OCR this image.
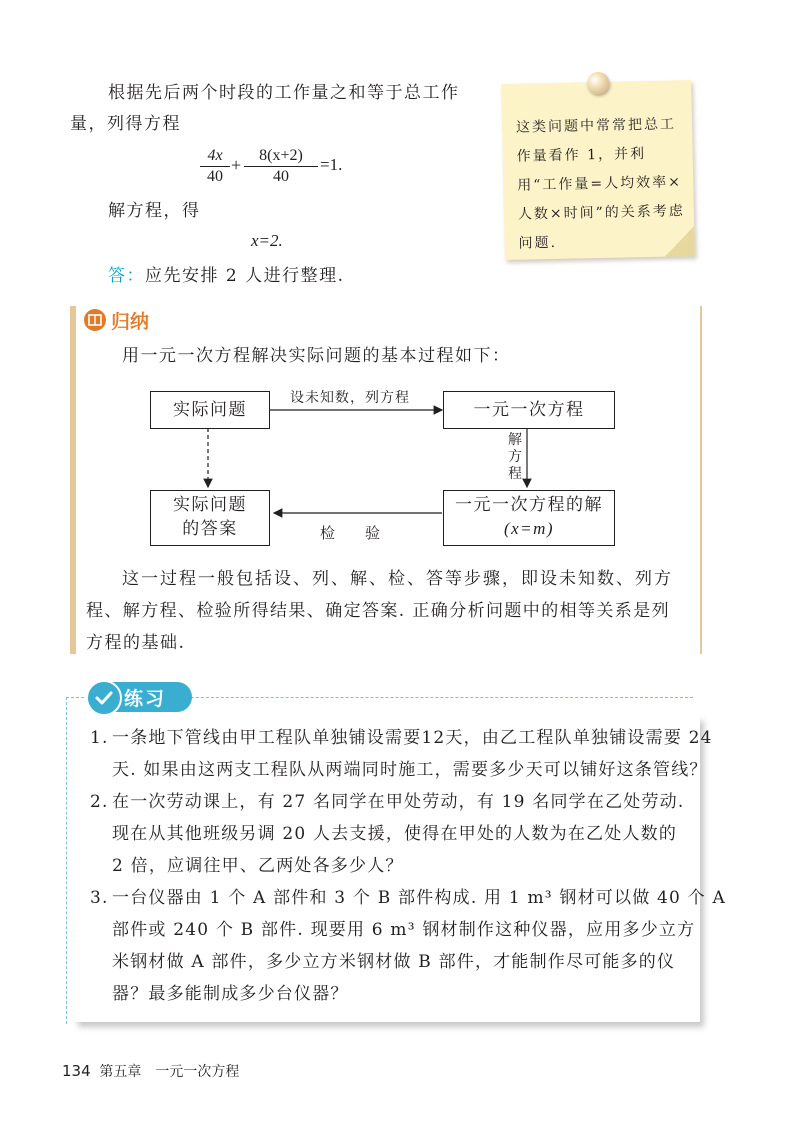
根据先后两个时段的工作量之和等于总工作
量，列得方程
$\frac{4x}{40} + \frac{8(x+2)}{40} =1$.
解方程，得
x=2.
答：应先安排 2 人进行整理.
这类问题中常常把总工作量看作 1，并利用“工作量=人均效率×人数×时间”的关系考虑问题.
归纳
用一元一次方程解决实际问题的基本过程如下：
实际问题	一元一次方程
实际问题
的答案
一元一次方程的解
(x=m)
设未知数，列方程
解
方
程
检　　验
这一过程一般包括设、列、解、检、答等步骤，即设未知数、列方
程、解方程、检验所得结果、确定答案. 正确分析问题中的相等关系是列
方程的基础.
练习
1. 一条地下管线由甲工程队单独铺设需要12天，由乙工程队单独铺设需要 24
天. 如果由这两支工程队从两端同时施工，需要多少天可以铺好这条管线？
2. 在一次劳动课上，有 27 名同学在甲处劳动，有 19 名同学在乙处劳动.
现在从其他班级另调 20 人去支援，使得在甲处的人数为在乙处人数的
2 倍，应调往甲、乙两处各多少人？
3. 一台仪器由 1 个 A 部件和 3 个 B 部件构成. 用 1 m³ 钢材可以做 40 个 A
部件或 240 个 B 部件. 现要用 6 m³ 钢材制作这种仪器，应用多少立方
米钢材做 A 部件，多少立方米钢材做 B 部件，才能制作尽可能多的仪
器？最多能制成多少台仪器？
134 第五章　一元一次方程
